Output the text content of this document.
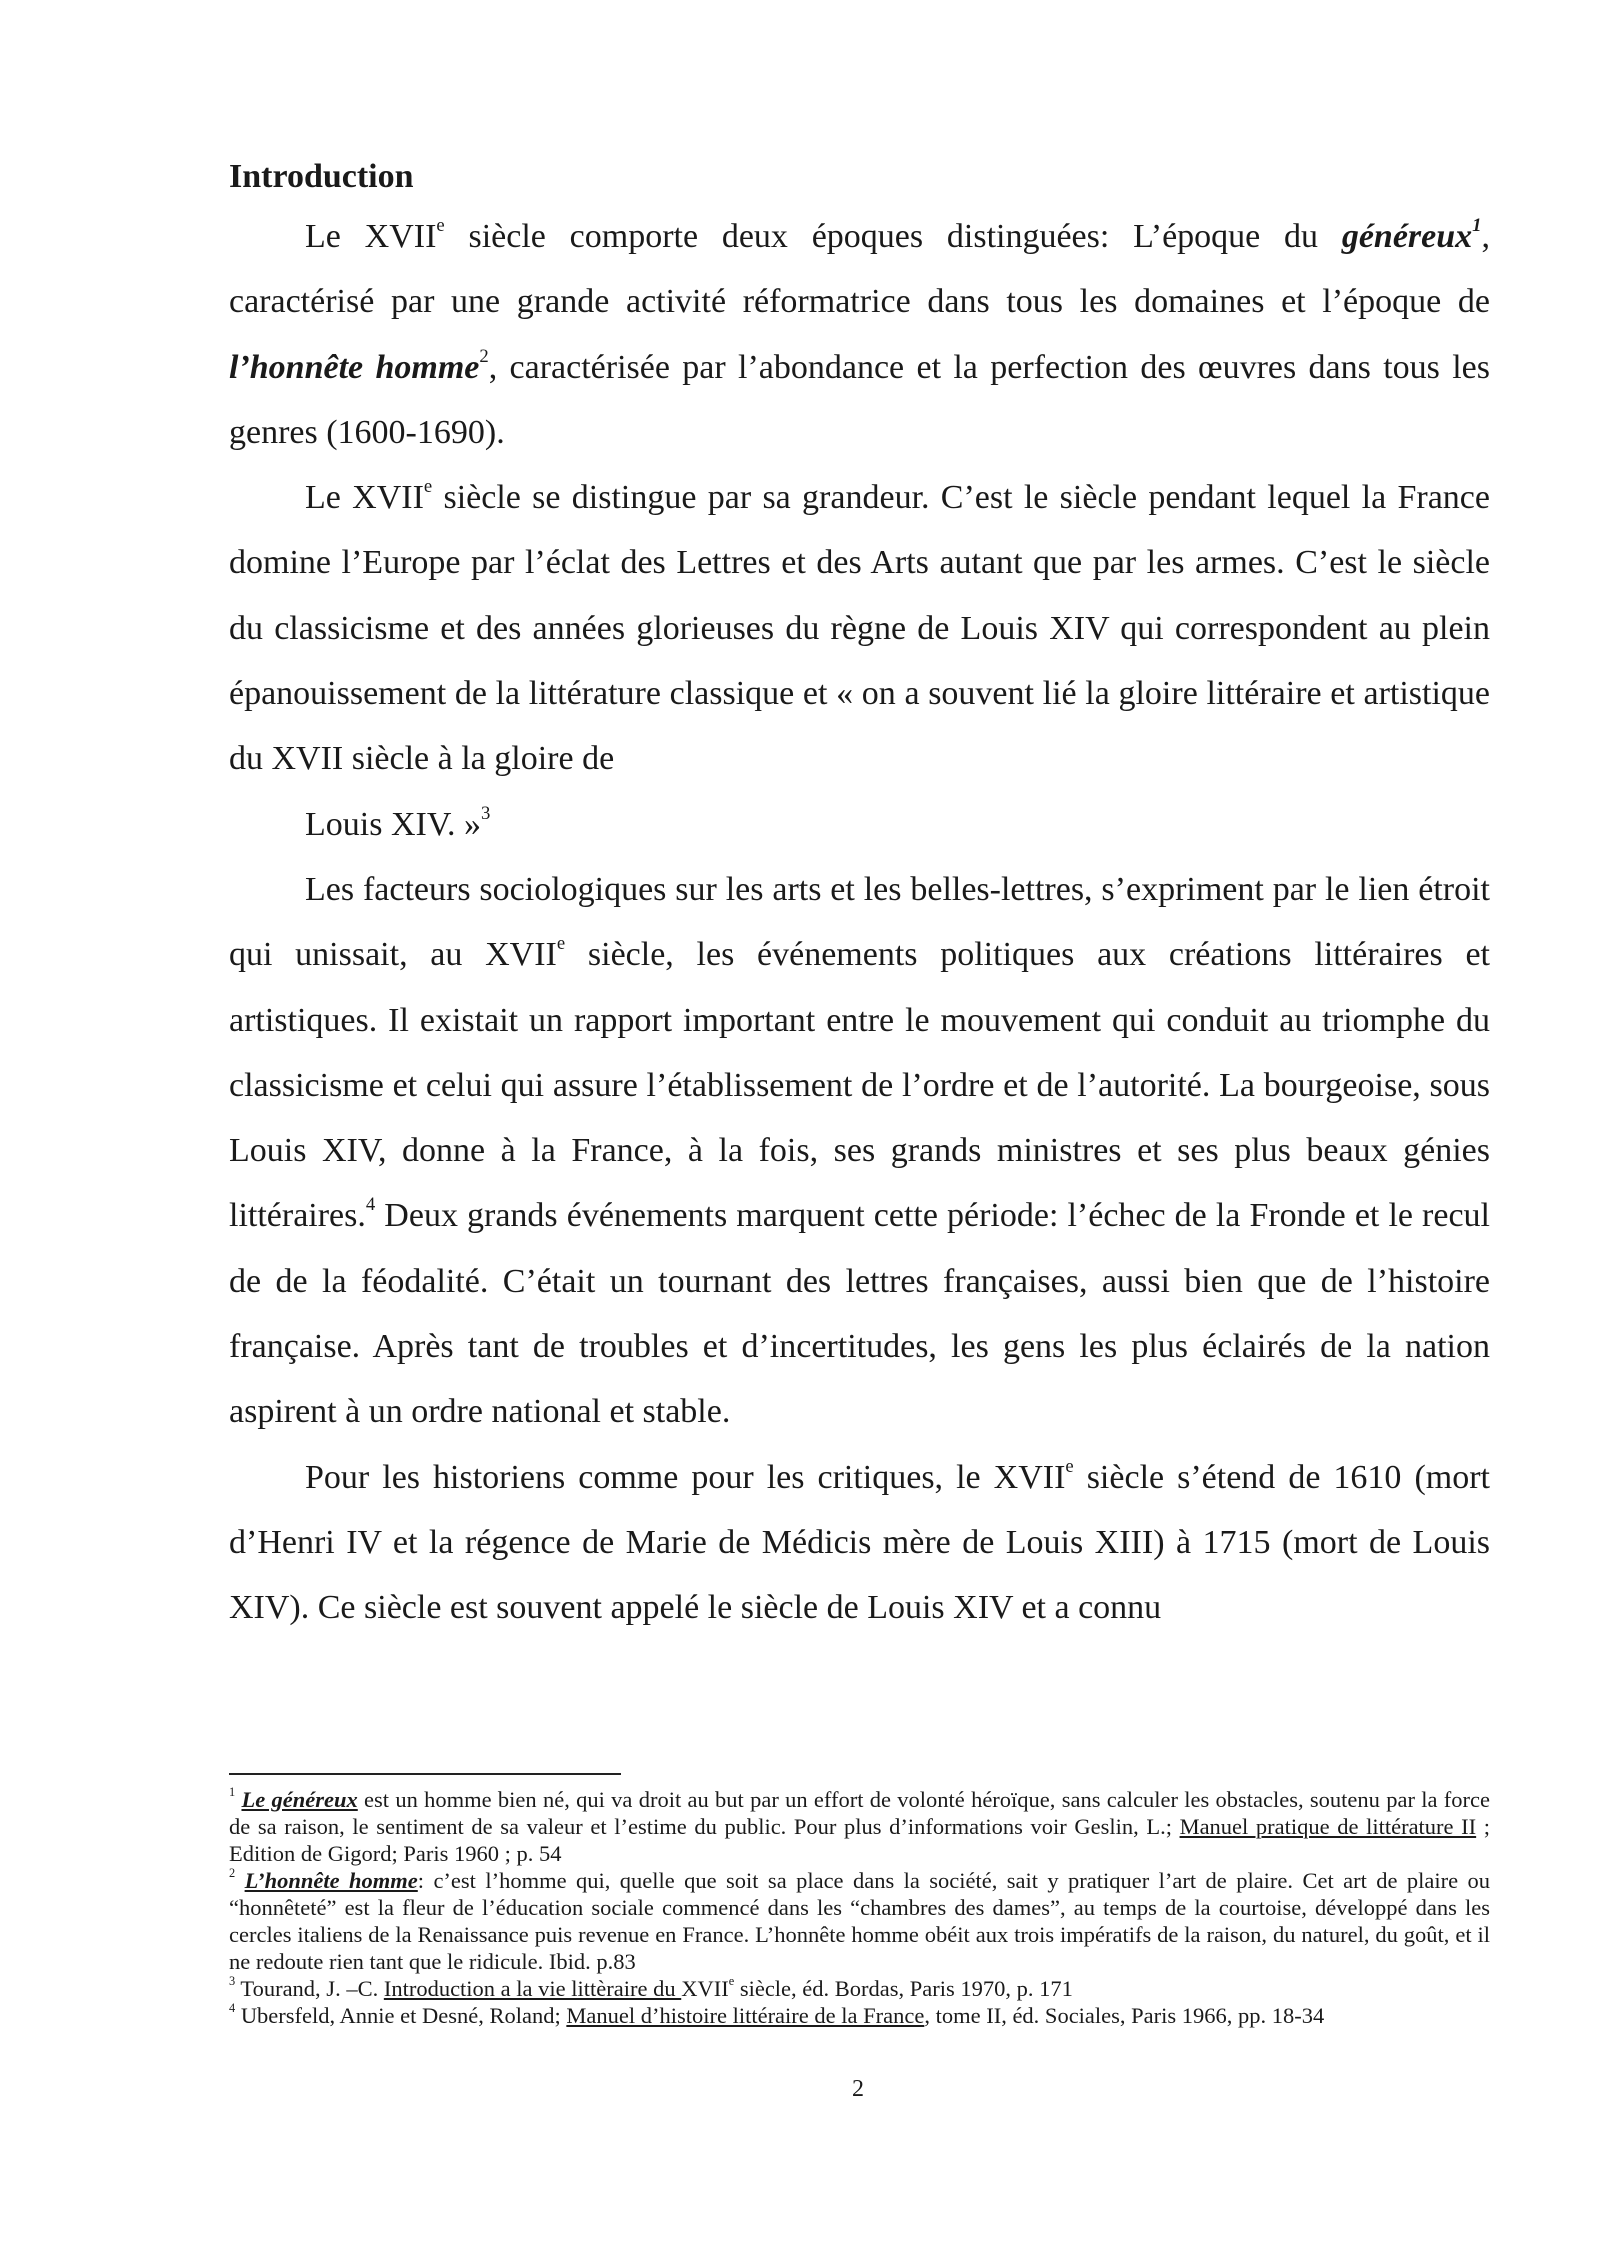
Introduction

Le XVIIe siècle comporte deux époques distinguées: L’époque du généreux$^1$, caractérisé par une grande activité réformatrice dans tous les domaines et l’époque de l’honnête homme$^2$, caractérisée par l’abondance et la perfection des œuvres dans tous les genres (1600-1690).

Le XVIIe siècle se distingue par sa grandeur. C’est le siècle pendant lequel la France domine l’Europe par l’éclat des Lettres et des Arts autant que par les armes. C’est le siècle du classicisme et des années glorieuses du règne de Louis XIV qui correspondent au plein épanouissement de la littérature classique et « on a souvent lié la gloire littéraire et artistique du XVII siècle à la gloire de

Louis XIV. »$^3$

Les facteurs sociologiques sur les arts et les belles-lettres, s’expriment par le lien étroit qui unissait, au XVIIe siècle, les événements politiques aux créations littéraires et artistiques. Il existait un rapport important entre le mouvement qui conduit au triomphe du classicisme et celui qui assure l’établissement de l’ordre et de l’autorité. La bourgeoise, sous Louis XIV, donne à la France, à la fois, ses grands ministres et ses plus beaux génies littéraires.$^4$ Deux grands événements marquent cette période: l’échec de la Fronde et le recul de de la féodalité. C’était un tournant des lettres françaises, aussi bien que de l’histoire française. Après tant de troubles et d’incertitudes, les gens les plus éclairés de la nation aspirent à un ordre national et stable.

Pour les historiens comme pour les critiques, le XVIIe siècle s’étend de 1610 (mort d’Henri IV et la régence de Marie de Médicis mère de Louis XIII) à 1715 (mort de Louis XIV). Ce siècle est souvent appelé le siècle de Louis XIV et a connu

$^1$ Le généreux est un homme bien né, qui va droit au but par un effort de volonté héroïque, sans calculer les obstacles, soutenu par la force de sa raison, le sentiment de sa valeur et l’estime du public. Pour plus d’informations voir Geslin, L.; Manuel pratique de littérature II ; Edition de Gigord; Paris 1960 ; p. 54

$^2$ L’honnête homme: c’est l’homme qui, quelle que soit sa place dans la société, sait y pratiquer l’art de plaire. Cet art de plaire ou “honnêteté” est la fleur de l’éducation sociale commencé dans les “chambres des dames”, au temps de la courtoise, développé dans les cercles italiens de la Renaissance puis revenue en France. L’honnête homme obéit aux trois impératifs de la raison, du naturel, du goût, et il ne redoute rien tant que le ridicule. Ibid. p.83

$^3$ Tourand, J. –C. Introduction a la vie littèraire du XVIIe siècle, éd. Bordas, Paris 1970, p. 171

$^4$ Ubersfeld, Annie et Desné, Roland; Manuel d’histoire littéraire de la France, tome II, éd. Sociales, Paris 1966, pp. 18-34

2
